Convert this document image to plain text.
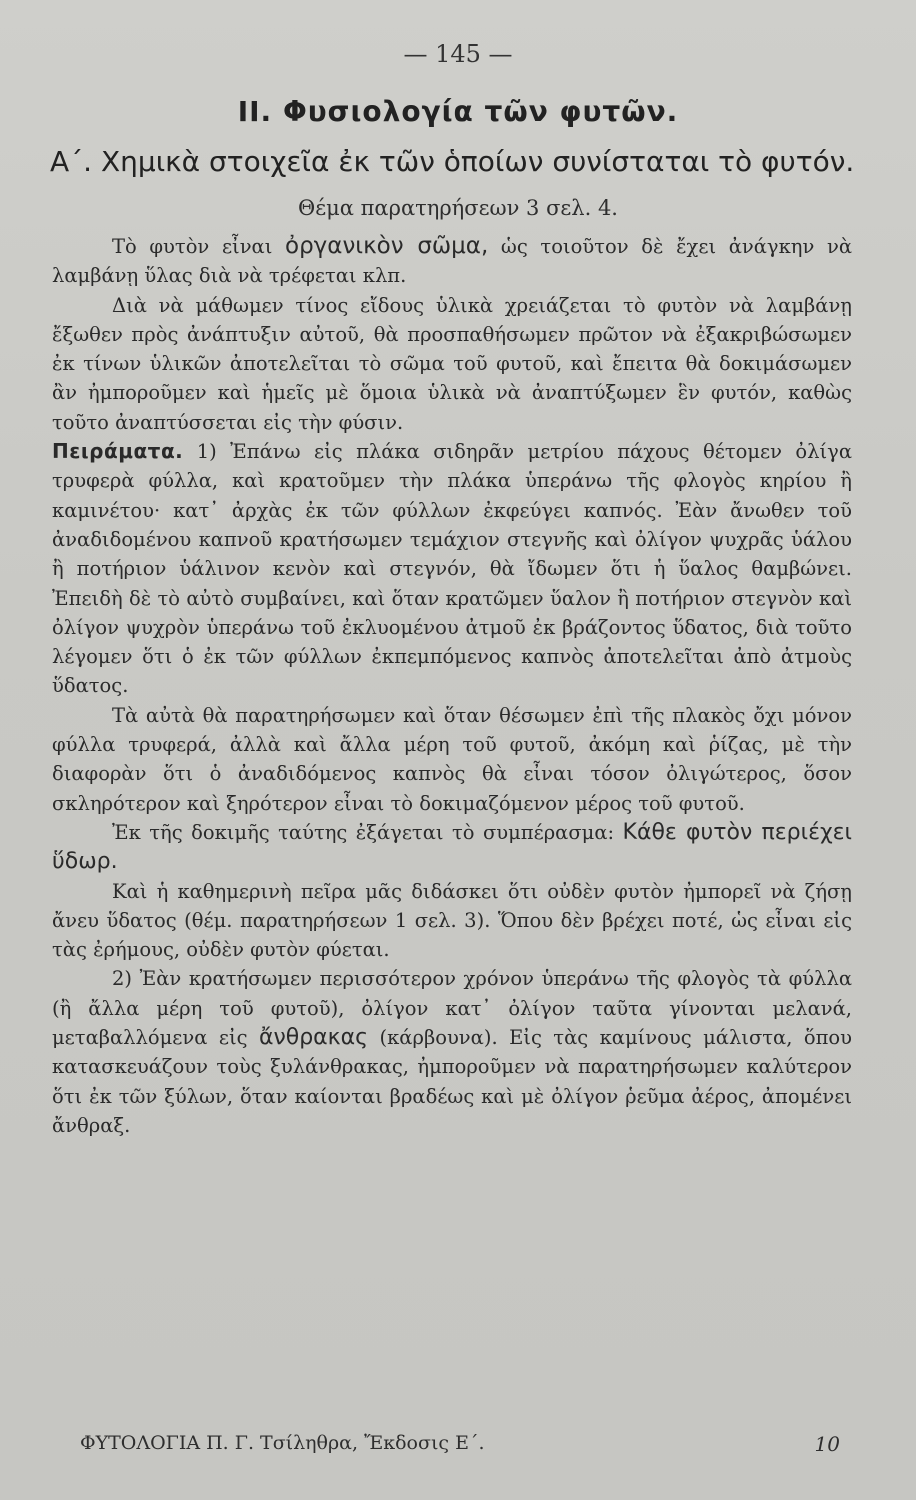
— 145 —
II. Φυσιολογία τῶν φυτῶν.
Α΄. Χημικὰ στοιχεῖα ἐκ τῶν ὁποίων συνίσταται τὸ φυτόν.
Θέμα παρατηρήσεων 3 σελ. 4.

Τὸ φυτὸν εἶναι ὀργανικὸν σῶμα, ὡς τοιοῦτον δὲ ἔχει ἀνάγκην νὰ λαμβάνῃ ὕλας διὰ νὰ τρέφεται κλπ.

Διὰ νὰ μάθωμεν τίνος εἴδους ὑλικὰ χρειάζεται τὸ φυτὸν νὰ λαμβάνῃ ἔξωθεν πρὸς ἀνάπτυξιν αὐτοῦ, θὰ προσπαθήσωμεν πρῶτον νὰ ἐξακριβώσωμεν ἐκ τίνων ὑλικῶν ἀποτελεῖται τὸ σῶμα τοῦ φυτοῦ, καὶ ἔπειτα θὰ δοκιμάσωμεν ἂν ἠμποροῦμεν καὶ ἡμεῖς μὲ ὅμοια ὑλικὰ νὰ ἀναπτύξωμεν ἓν φυτόν, καθὼς τοῦτο ἀναπτύσσεται εἰς τὴν φύσιν.

Πειράματα. 1) Ἐπάνω εἰς πλάκα σιδηρᾶν μετρίου πάχους θέτομεν ὀλίγα τρυφερὰ φύλλα, καὶ κρατοῦμεν τὴν πλάκα ὑπεράνω τῆς φλογὸς κηρίου ἢ καμινέτου· κατ᾽ ἀρχὰς ἐκ τῶν φύλλων ἐκφεύγει καπνός. Ἐὰν ἄνωθεν τοῦ ἀναδιδομένου καπνοῦ κρατήσωμεν τεμάχιον στεγνῆς καὶ ὀλίγον ψυχρᾶς ὑάλου ἢ ποτήριον ὑάλινον κενὸν καὶ στεγνόν, θὰ ἴδωμεν ὅτι ἡ ὕαλος θαμβώνει. Ἐπειδὴ δὲ τὸ αὐτὸ συμβαίνει, καὶ ὅταν κρατῶμεν ὕαλον ἢ ποτήριον στεγνὸν καὶ ὀλίγον ψυχρὸν ὑπεράνω τοῦ ἐκλυομένου ἀτμοῦ ἐκ βράζοντος ὕδατος, διὰ τοῦτο λέγομεν ὅτι ὁ ἐκ τῶν φύλλων ἐκπεμπόμενος καπνὸς ἀποτελεῖται ἀπὸ ἀτμοὺς ὕδατος.

Τὰ αὐτὰ θὰ παρατηρήσωμεν καὶ ὅταν θέσωμεν ἐπὶ τῆς πλακὸς ὄχι μόνον φύλλα τρυφερά, ἀλλὰ καὶ ἄλλα μέρη τοῦ φυτοῦ, ἀκόμη καὶ ῥίζας, μὲ τὴν διαφορὰν ὅτι ὁ ἀναδιδόμενος καπνὸς θὰ εἶναι τόσον ὀλιγώτερος, ὅσον σκληρότερον καὶ ξηρότερον εἶναι τὸ δοκιμαζόμενον μέρος τοῦ φυτοῦ.

Ἐκ τῆς δοκιμῆς ταύτης ἐξάγεται τὸ συμπέρασμα: Κάθε φυτὸν περιέχει ὕδωρ.

Καὶ ἡ καθημερινὴ πεῖρα μᾶς διδάσκει ὅτι οὐδὲν φυτὸν ἠμπορεῖ νὰ ζήσῃ ἄνευ ὕδατος (θέμ. παρατηρήσεων 1 σελ. 3). Ὅπου δὲν βρέχει ποτέ, ὡς εἶναι εἰς τὰς ἐρήμους, οὐδὲν φυτὸν φύεται.

2) Ἐὰν κρατήσωμεν περισσότερον χρόνον ὑπεράνω τῆς φλογὸς τὰ φύλλα (ἢ ἄλλα μέρη τοῦ φυτοῦ), ὀλίγον κατ᾽ ὀλίγον ταῦτα γίνονται μελανά, μεταβαλλόμενα εἰς ἄνθρακας (κάρβουνα). Εἰς τὰς καμίνους μάλιστα, ὅπου κατασκευάζουν τοὺς ξυλάνθρακας, ἠμποροῦμεν νὰ παρατηρήσωμεν καλύτερον ὅτι ἐκ τῶν ξύλων, ὅταν καίονται βραδέως καὶ μὲ ὀλίγον ῥεῦμα ἀέρος, ἀπομένει ἄνθραξ.

ΦΥΤΟΛΟΓΙΑ Π. Γ. Τσίληθρα, Ἔκδοσις Ε΄.	10
